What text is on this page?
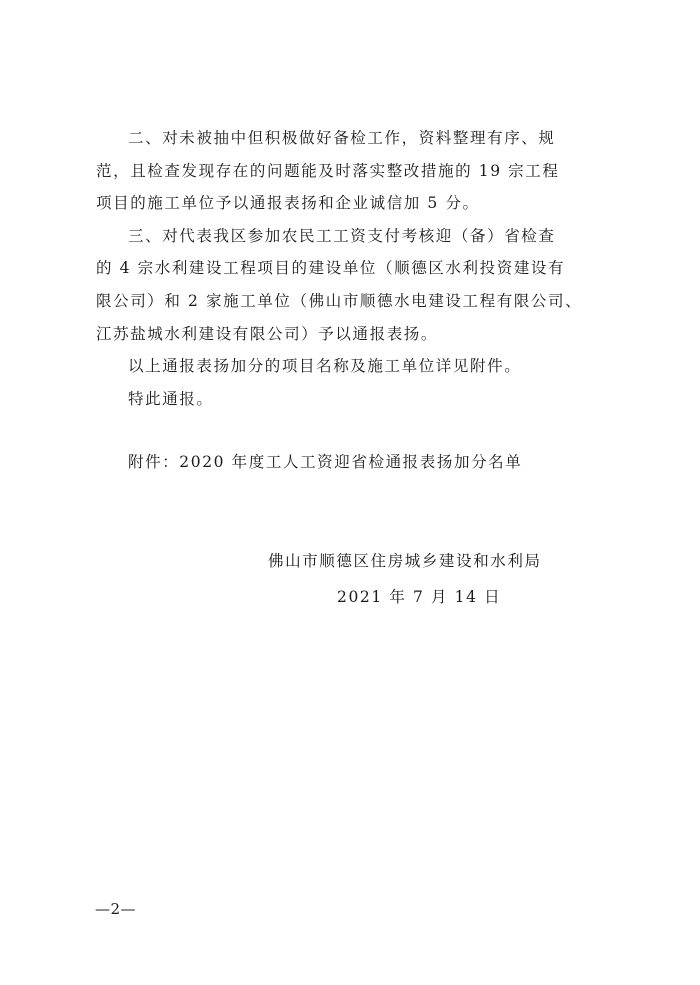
二、对未被抽中但积极做好备检工作，资料整理有序、规
范，且检查发现存在的问题能及时落实整改措施的 19 宗工程
项目的施工单位予以通报表扬和企业诚信加 5 分。
三、对代表我区参加农民工工资支付考核迎（备）省检查
的 4 宗水利建设工程项目的建设单位（顺德区水利投资建设有
限公司）和 2 家施工单位（佛山市顺德水电建设工程有限公司、
江苏盐城水利建设有限公司）予以通报表扬。
以上通报表扬加分的项目名称及施工单位详见附件。
特此通报。
附件：2020 年度工人工资迎省检通报表扬加分名单
佛山市顺德区住房城乡建设和水利局
2021 年 7 月 14 日
—2—
